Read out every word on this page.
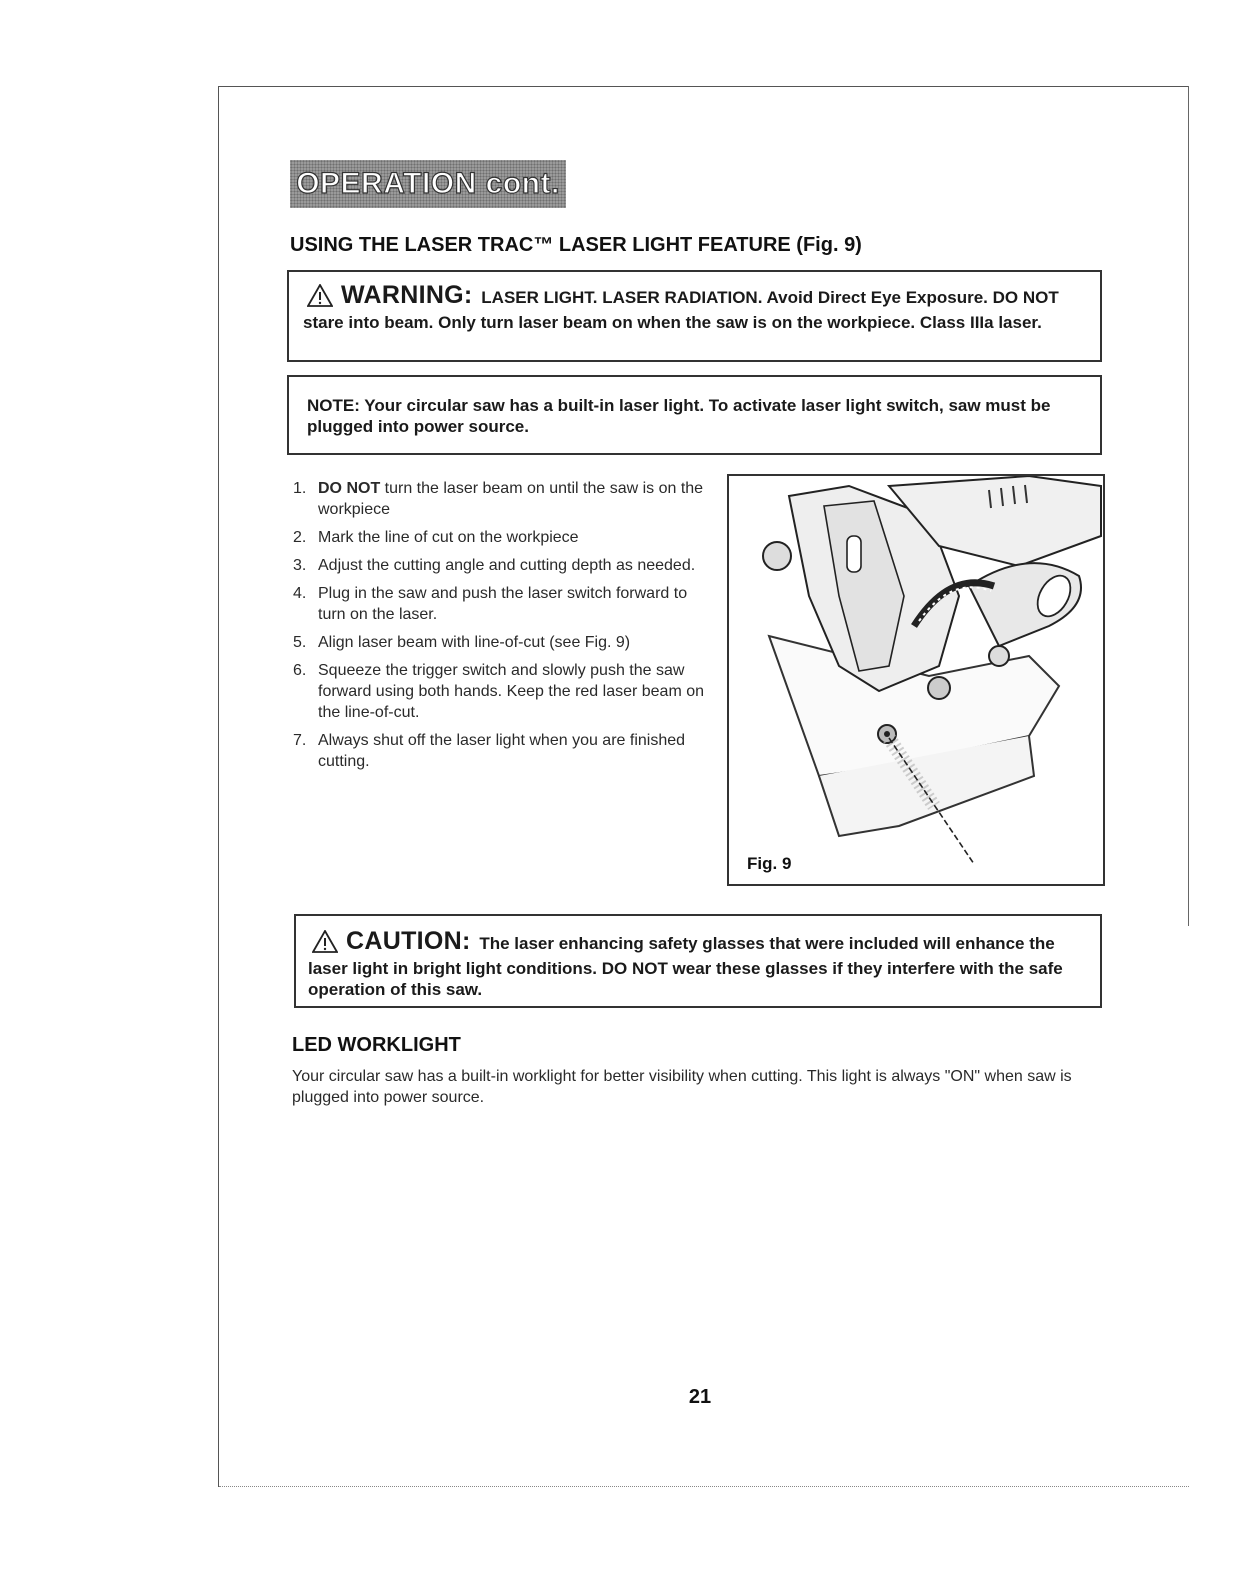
OPERATION cont.
USING THE LASER TRAC™ LASER LIGHT FEATURE (Fig. 9)
WARNING: LASER LIGHT. LASER RADIATION. Avoid Direct Eye Exposure. DO NOT stare into beam. Only turn laser beam on when the saw is on the workpiece. Class IIIa laser.
NOTE: Your circular saw has a built-in laser light. To activate laser light switch, saw must be plugged into power source.
1. DO NOT turn the laser beam on until the saw is on the workpiece
2. Mark the line of cut on the workpiece
3. Adjust the cutting angle and cutting depth as needed.
4. Plug in the saw and push the laser switch forward to turn on the laser.
5. Align laser beam with line-of-cut (see Fig. 9)
6. Squeeze the trigger switch and slowly push the saw forward using both hands. Keep the red laser beam on the line-of-cut.
7. Always shut off the laser light when you are finished cutting.
Fig. 9
CAUTION: The laser enhancing safety glasses that were included will enhance the laser light in bright light conditions. DO NOT wear these glasses if they interfere with the safe operation of this saw.
LED WORKLIGHT
Your circular saw has a built-in worklight for better visibility when cutting. This light is always "ON" when saw is plugged into power source.
21
